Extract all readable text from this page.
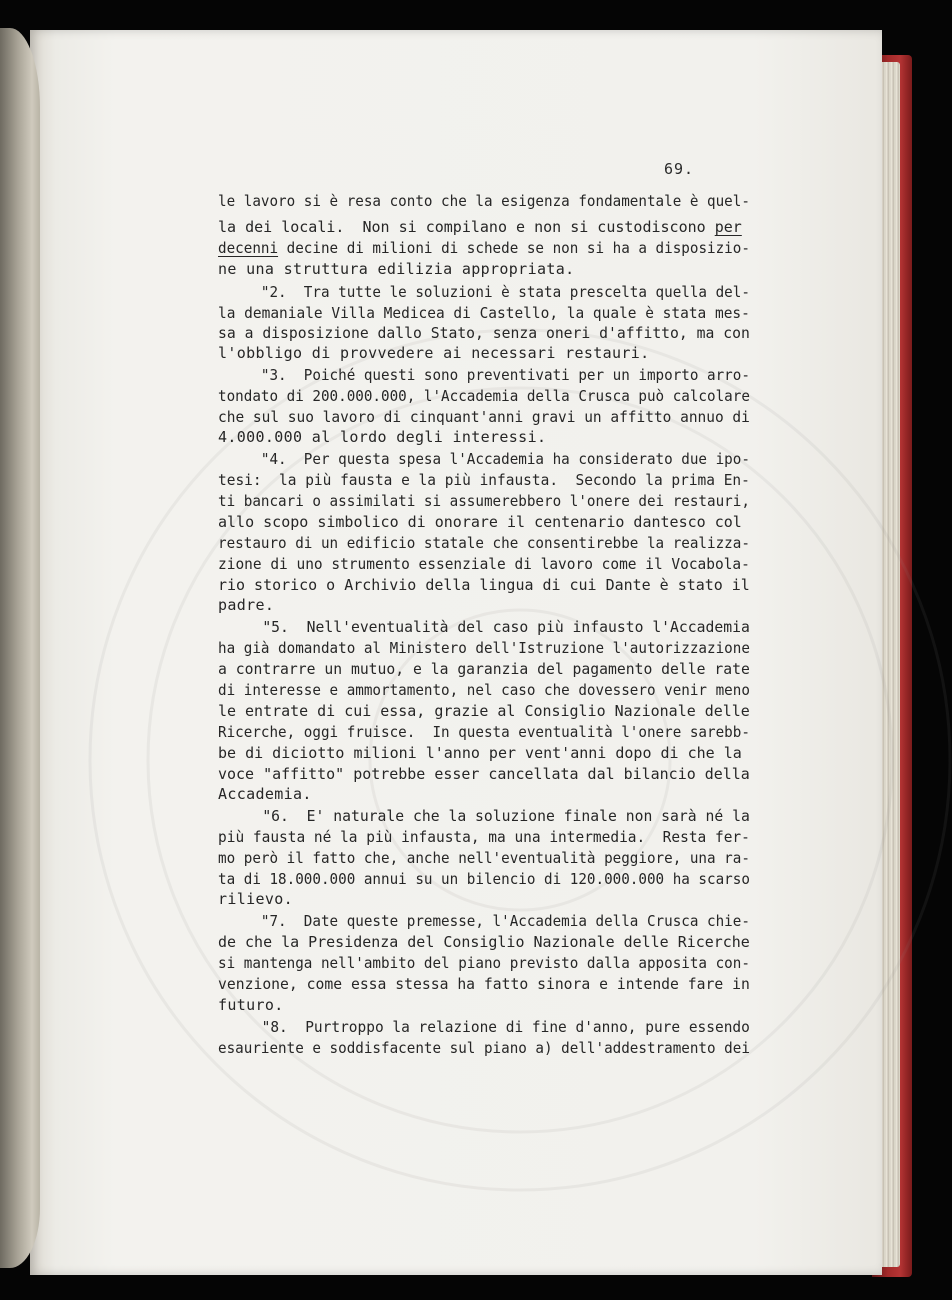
69.
le lavoro si è resa conto che la esigenza fondamentale è quel-
la dei locali.  Non si compilano e non si custodiscono per
decenni decine di milioni di schede se non si ha a disposizio-
ne una struttura edilizia appropriata.
"2.  Tra tutte le soluzioni è stata prescelta quella del-
la demaniale Villa Medicea di Castello, la quale è stata mes-
sa a disposizione dallo Stato, senza oneri d'affitto, ma con
l'obbligo di provvedere ai necessari restauri.
"3.  Poiché questi sono preventivati per un importo arro-
tondato di 200.000.000, l'Accademia della Crusca può calcolare
che sul suo lavoro di cinquant'anni gravi un affitto annuo di
4.000.000 al lordo degli interessi.
"4.  Per questa spesa l'Accademia ha considerato due ipo-
tesi:  la più fausta e la più infausta.  Secondo la prima En-
ti bancari o assimilati si assumerebbero l'onere dei restauri,
allo scopo simbolico di onorare il centenario dantesco col
restauro di un edificio statale che consentirebbe la realizza-
zione di uno strumento essenziale di lavoro come il Vocabola-
rio storico o Archivio della lingua di cui Dante è stato il
padre.
"5.  Nell'eventualità del caso più infausto l'Accademia
ha già domandato al Ministero dell'Istruzione l'autorizzazione
a contrarre un mutuo, e la garanzia del pagamento delle rate
di interesse e ammortamento, nel caso che dovessero venir meno
le entrate di cui essa, grazie al Consiglio Nazionale delle
Ricerche, oggi fruisce.  In questa eventualità l'onere sarebb-
be di diciotto milioni l'anno per vent'anni dopo di che la
voce "affitto" potrebbe esser cancellata dal bilancio della
Accademia.
"6.  E' naturale che la soluzione finale non sarà né la
più fausta né la più infausta, ma una intermedia.  Resta fer-
mo però il fatto che, anche nell'eventualità peggiore, una ra-
ta di 18.000.000 annui su un bilencio di 120.000.000 ha scarso
rilievo.
"7.  Date queste premesse, l'Accademia della Crusca chie-
de che la Presidenza del Consiglio Nazionale delle Ricerche
si mantenga nell'ambito del piano previsto dalla apposita con-
venzione, come essa stessa ha fatto sinora e intende fare in
futuro.
"8.  Purtroppo la relazione di fine d'anno, pure essendo
esauriente e soddisfacente sul piano a) dell'addestramento dei
